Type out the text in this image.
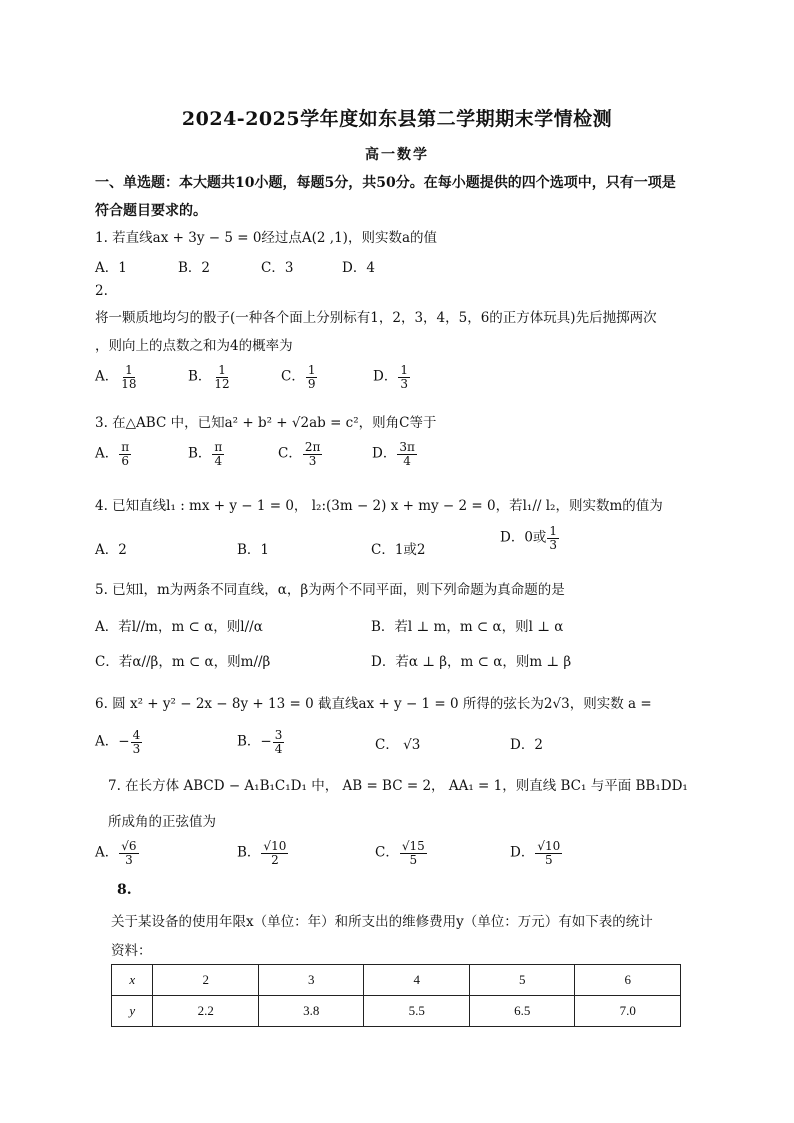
2024-2025学年度如东县第二学期期末学情检测
高一数学
一、单选题：本大题共10小题，每题5分，共50分。在每小题提供的四个选项中，只有一项是
符合题目要求的。
1. 若直线ax + 3y − 5 = 0经过点A(2 ,1)，则实数a的值
A．1	B．2	C．3	D．4
2.
将一颗质地均匀的骰子(一种各个面上分别标有1，2，3，4，5，6的正方体玩具)先后抛掷两次
，则向上的点数之和为4的概率为
A． $\frac{1}{18}$	B． $\frac{1}{12}$	C． $\frac{1}{9}$	D． $\frac{1}{3}$
3. 在△ABC 中，已知a² + b² + √2ab = c²，则角C等于
A． $\frac{\pi}{6}$	B． $\frac{\pi}{4}$	C． $\frac{2\pi}{3}$	D． $\frac{3\pi}{4}$
4. 已知直线l₁ : mx + y − 1 = 0， l₂:(3m − 2) x + my − 2 = 0，若l₁// l₂，则实数m的值为
A．2	B．1	C．1或2
D．0或 $\frac{1}{3}$
5. 已知l，m为两条不同直线，α，β为两个不同平面，则下列命题为真命题的是
A．若l//m，m ⊂ α，则l//α	B．若l ⊥ m，m ⊂ α，则l ⊥ α
C．若α//β，m ⊂ α，则m//β	D．若α ⊥ β，m ⊂ α，则m ⊥ β
6. 圆 x² + y² − 2x − 8y + 13 = 0 截直线ax + y − 1 = 0 所得的弦长为2√3，则实数 a =
A．− $\frac{4}{3}$	B．− $\frac{3}{4}$	C． √3	D．2
7. 在长方体 ABCD − A₁B₁C₁D₁ 中， AB = BC = 2， AA₁ = 1，则直线 BC₁ 与平面 BB₁DD₁
所成角的正弦值为
A． $\frac{√6}{3}$	B． $\frac{√10}{2}$	C． $\frac{√15}{5}$	D． $\frac{√10}{5}$
8.
关于某设备的使用年限x（单位：年）和所支出的维修费用y（单位：万元）有如下表的统计
资料：
x	2	3	4	5	6
y	2.2	3.8	5.5	6.5	7.0
